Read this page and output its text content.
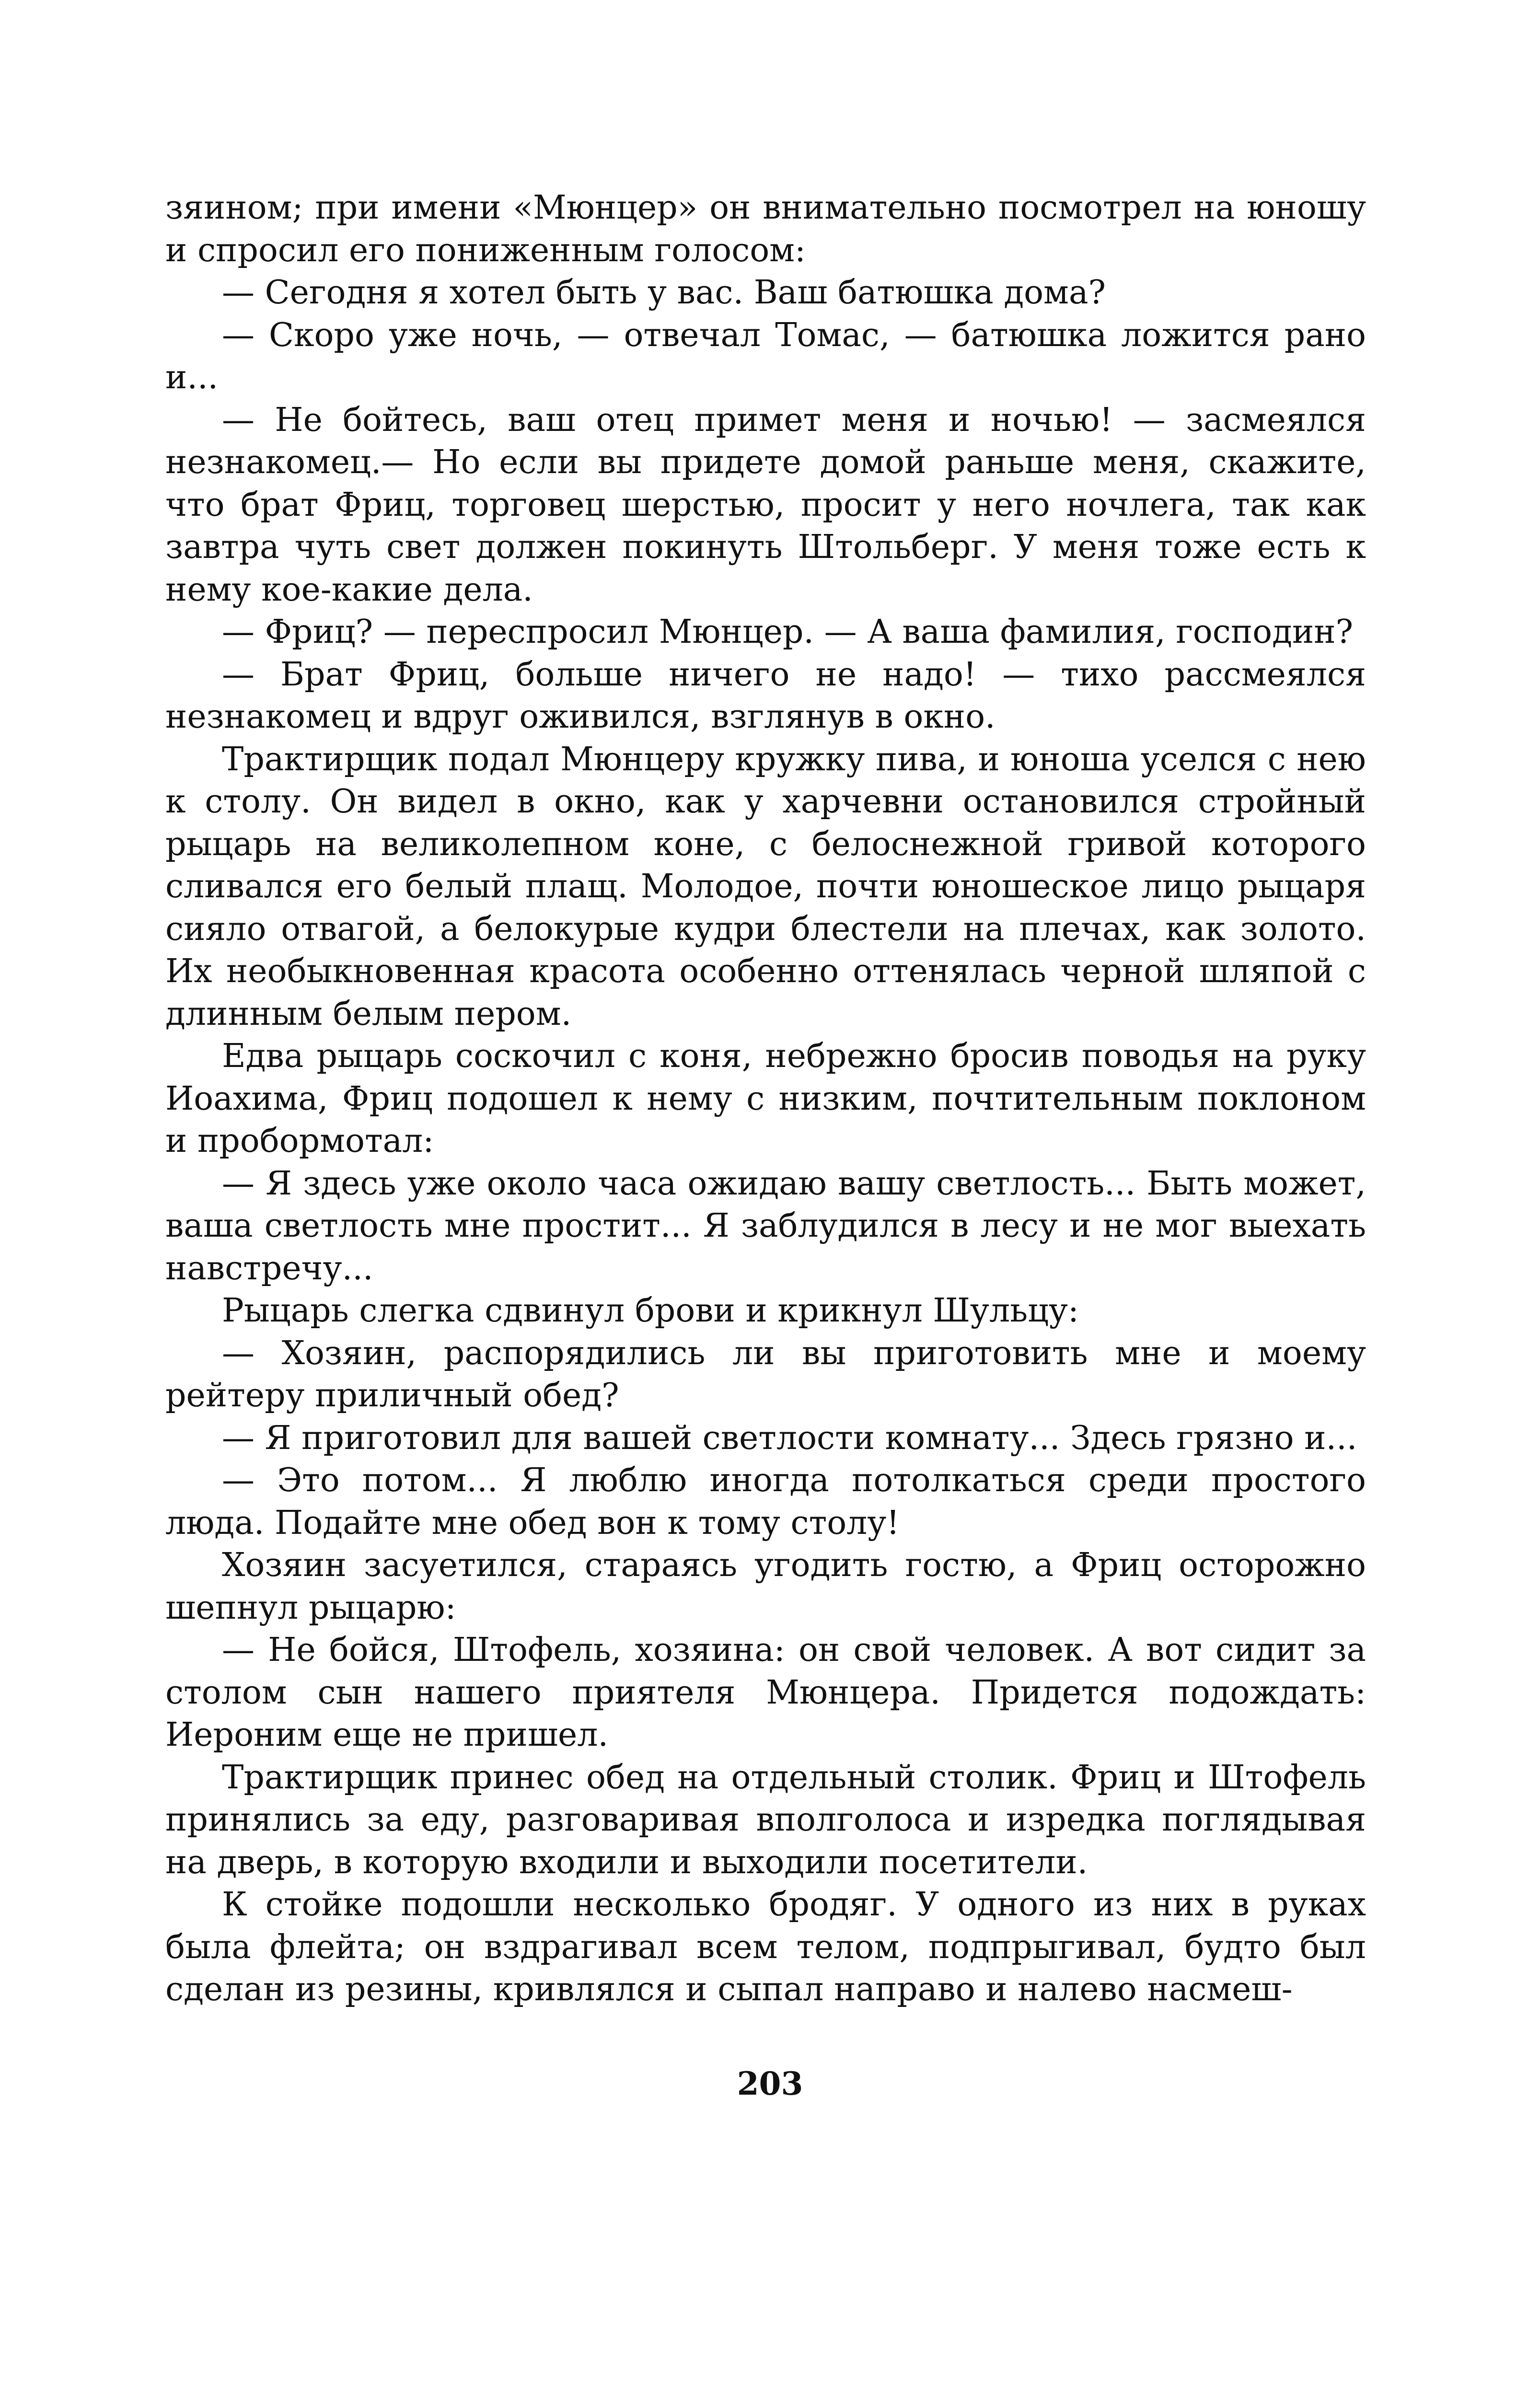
зяином; при имени «Мюнцер» он внимательно посмотрел на юношу и спросил его пониженным голосом:

— Сегодня я хотел быть у вас. Ваш батюшка дома?

— Скоро уже ночь, — отвечал Томас, — батюшка ложится рано и...

— Не бойтесь, ваш отец примет меня и ночью! — засмеялся незнакомец.— Но если вы придете домой раньше меня, скажите, что брат Фриц, торговец шерстью, просит у него ночлега, так как завтра чуть свет должен покинуть Штольберг. У меня тоже есть к нему кое-какие дела.

— Фриц? — переспросил Мюнцер. — А ваша фамилия, господин?

— Брат Фриц, больше ничего не надо! — тихо рассмеялся незнакомец и вдруг оживился, взглянув в окно.

Трактирщик подал Мюнцеру кружку пива, и юноша уселся с нею к столу. Он видел в окно, как у харчевни остановился стройный рыцарь на великолепном коне, с белоснежной гривой которого сливался его белый плащ. Молодое, почти юношеское лицо рыцаря сияло отвагой, а белокурые кудри блестели на плечах, как золото. Их необыкновенная красота особенно оттенялась черной шляпой с длинным белым пером.

Едва рыцарь соскочил с коня, небрежно бросив поводья на руку Иоахима, Фриц подошел к нему с низким, почтительным поклоном и пробормотал:

— Я здесь уже около часа ожидаю вашу светлость... Быть может, ваша светлость мне простит... Я заблудился в лесу и не мог выехать навстречу...

Рыцарь слегка сдвинул брови и крикнул Шульцу:

— Хозяин, распорядились ли вы приготовить мне и моему рейтеру приличный обед?

— Я приготовил для вашей светлости комнату... Здесь грязно и...

— Это потом... Я люблю иногда потолкаться среди простого люда. Подайте мне обед вон к тому столу!

Хозяин засуетился, стараясь угодить гостю, а Фриц осторожно шепнул рыцарю:

— Не бойся, Штофель, хозяина: он свой человек. А вот сидит за столом сын нашего приятеля Мюнцера. Придется подождать: Иероним еще не пришел.

Трактирщик принес обед на отдельный столик. Фриц и Штофель принялись за еду, разговаривая вполголоса и изредка поглядывая на дверь, в которую входили и выходили посетители.

К стойке подошли несколько бродяг. У одного из них в руках была флейта; он вздрагивал всем телом, подпрыгивал, будто был сделан из резины, кривлялся и сыпал направо и налево насмеш-

203
